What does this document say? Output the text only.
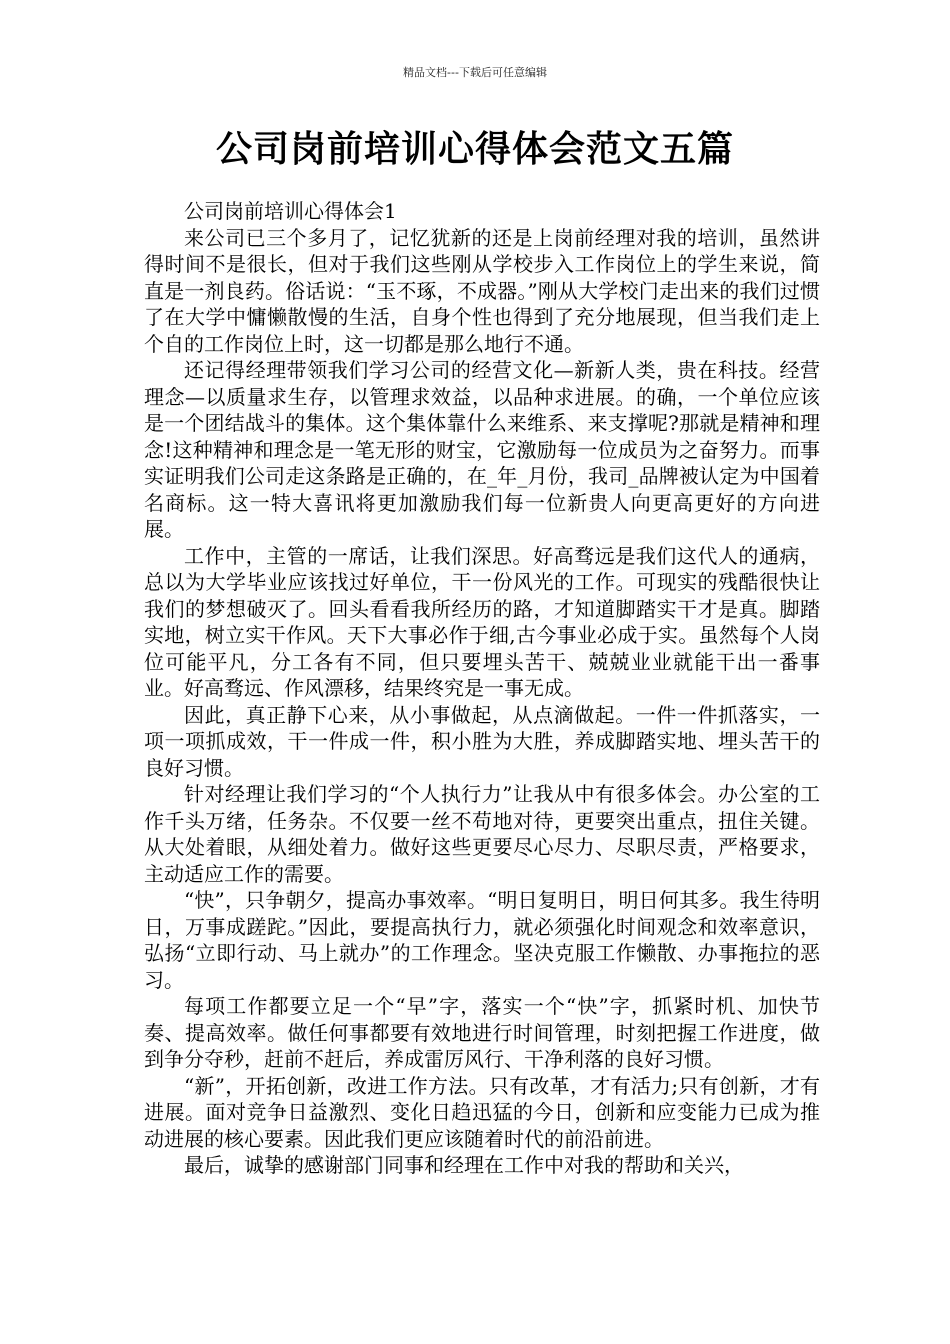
精品文档---下载后可任意编辑
公司岗前培训心得体会范文五篇

公司岗前培训心得体会1

来公司已三个多月了，记忆犹新的还是上岗前经理对我的培训，虽然讲得时间不是很长，但对于我们这些刚从学校步入工作岗位上的学生来说，简直是一剂良药。俗话说：“玉不琢，不成器。”刚从大学校门走出来的我们过惯了在大学中慵懒散慢的生活，自身个性也得到了充分地展现，但当我们走上个自的工作岗位上时，这一切都是那么地行不通。

还记得经理带领我们学习公司的经营文化—新新人类，贵在科技。经营理念—以质量求生存，以管理求效益，以品种求进展。的确，一个单位应该是一个团结战斗的集体。这个集体靠什么来维系、来支撑呢?那就是精神和理念!这种精神和理念是一笔无形的财宝，它激励每一位成员为之奋努力。而事实证明我们公司走这条路是正确的，在_年_月份，我司_品牌被认定为中国着名商标。这一特大喜讯将更加激励我们每一位新贵人向更高更好的方向进展。

工作中，主管的一席话，让我们深思。好高骛远是我们这代人的通病，总以为大学毕业应该找过好单位，干一份风光的工作。可现实的残酷很快让我们的梦想破灭了。回头看看我所经历的路，才知道脚踏实干才是真。脚踏实地，树立实干作风。天下大事必作于细,古今事业必成于实。虽然每个人岗位可能平凡，分工各有不同，但只要埋头苦干、兢兢业业就能干出一番事业。好高骛远、作风漂移，结果终究是一事无成。

因此，真正静下心来，从小事做起，从点滴做起。一件一件抓落实，一项一项抓成效，干一件成一件，积小胜为大胜，养成脚踏实地、埋头苦干的良好习惯。

针对经理让我们学习的“个人执行力”让我从中有很多体会。办公室的工作千头万绪，任务杂。不仅要一丝不苟地对待，更要突出重点，扭住关键。从大处着眼，从细处着力。做好这些更要尽心尽力、尽职尽责，严格要求，主动适应工作的需要。

“快”，只争朝夕，提高办事效率。“明日复明日，明日何其多。我生待明日，万事成蹉跎。”因此，要提高执行力，就必须强化时间观念和效率意识，弘扬“立即行动、马上就办”的工作理念。坚决克服工作懒散、办事拖拉的恶习。

每项工作都要立足一个“早”字，落实一个“快”字，抓紧时机、加快节奏、提高效率。做任何事都要有效地进行时间管理，时刻把握工作进度，做到争分夺秒，赶前不赶后，养成雷厉风行、干净利落的良好习惯。

“新”，开拓创新，改进工作方法。只有改革，才有活力;只有创新，才有进展。面对竞争日益激烈、变化日趋迅猛的今日，创新和应变能力已成为推动进展的核心要素。因此我们更应该随着时代的前沿前进。

最后，诚挚的感谢部门同事和经理在工作中对我的帮助和关兴，
